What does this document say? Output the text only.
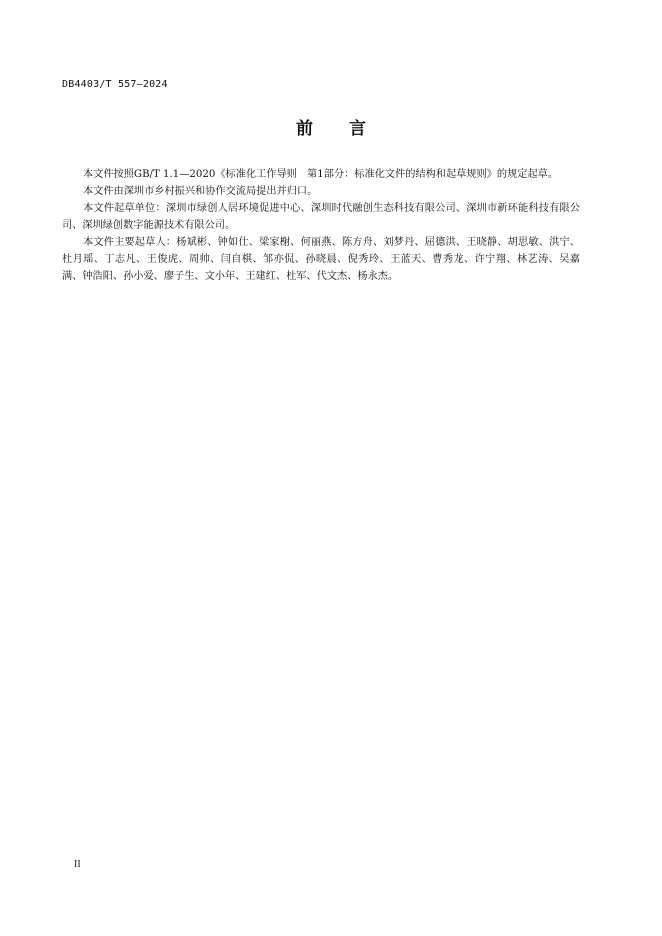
DB4403/T 557—2024
前言

本文件按照GB/T 1.1—2020《标准化工作导则　第1部分：标准化文件的结构和起草规则》的规定起草。

本文件由深圳市乡村振兴和协作交流局提出并归口。

本文件起草单位：深圳市绿创人居环境促进中心、深圳时代融创生态科技有限公司、深圳市新环能科技有限公司、深圳绿创数字能源技术有限公司。

本文件主要起草人：杨斌彬、钟如仕、梁家榭、何丽燕、陈方舟、刘梦丹、屈德洪、王晓静、胡思敏、洪宁、杜月瑶、丁志凡、王俊虎、周帅、闫自棋、邹亦侃、孙晓晨、倪秀玲、王蓝天、曹秀龙、许宁翔、林艺涛、吴嘉满、钟浩阳、孙小爱、廖子生、文小年、王建红、杜军、代文杰、杨永杰。

II
